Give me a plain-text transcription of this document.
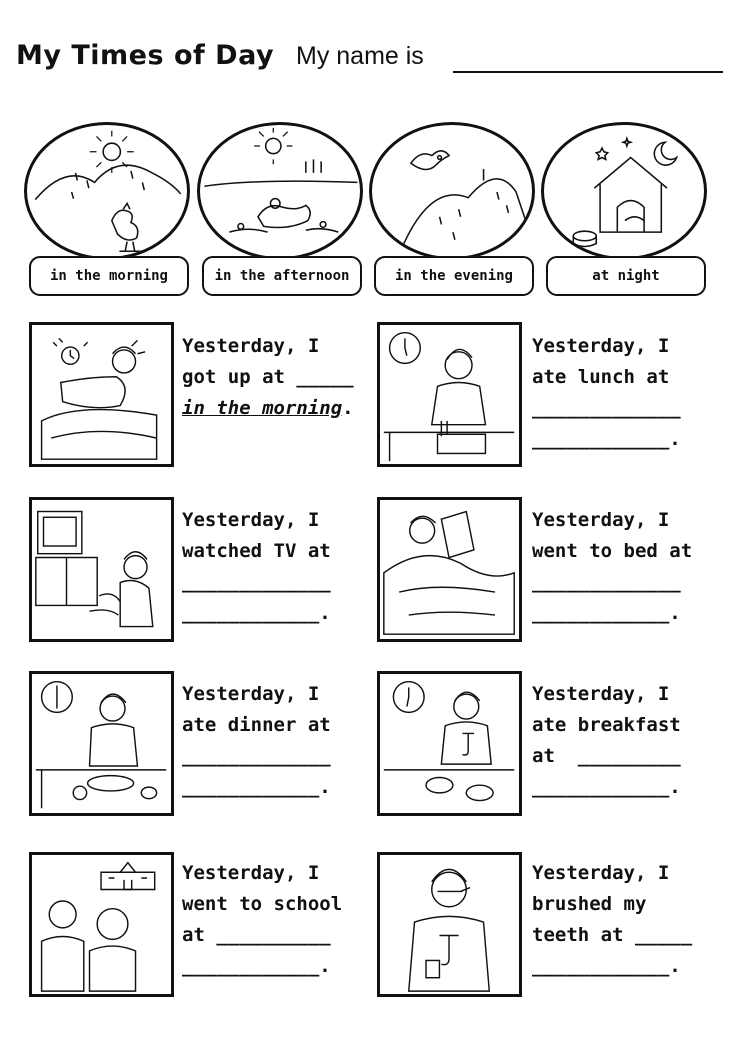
My Times of Day My name is
in the morning	in the afternoon	in the evening	at night
Yesterday, I
got up at _____
in the morning.
Yesterday, I
ate lunch at
_____________
____________.
Yesterday, I
watched TV at
_____________
____________.
Yesterday, I
went to bed at
_____________
____________.
Yesterday, I
ate dinner at
_____________
____________.
Yesterday, I
ate breakfast
at  _________
____________.
Yesterday, I
went to school
at __________
____________.
Yesterday, I
brushed my
teeth at _____
____________.
